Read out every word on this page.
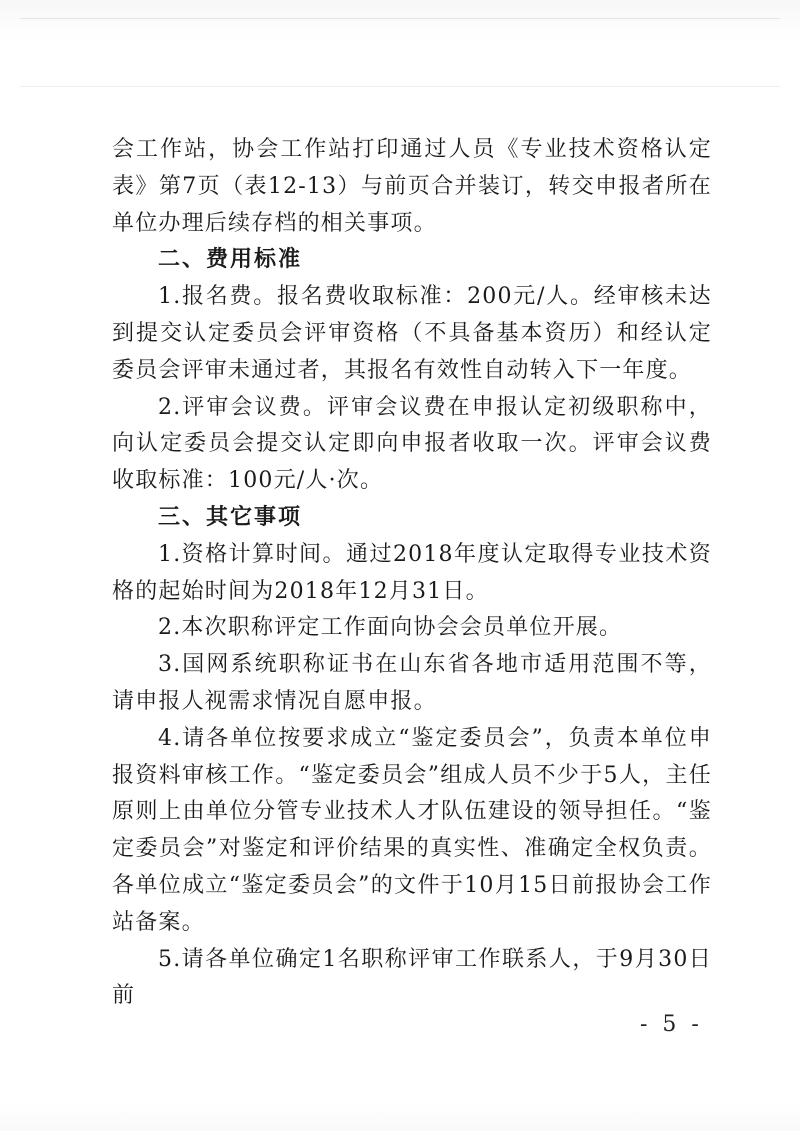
会工作站，协会工作站打印通过人员《专业技术资格认定表》第7页（表12-13）与前页合并装订，转交申报者所在单位办理后续存档的相关事项。

二、费用标准

1.报名费。报名费收取标准：200元/人。经审核未达到提交认定委员会评审资格（不具备基本资历）和经认定委员会评审未通过者，其报名有效性自动转入下一年度。

2.评审会议费。评审会议费在申报认定初级职称中，向认定委员会提交认定即向申报者收取一次。评审会议费收取标准：100元/人·次。

三、其它事项

1.资格计算时间。通过2018年度认定取得专业技术资格的起始时间为2018年12月31日。

2.本次职称评定工作面向协会会员单位开展。

3.国网系统职称证书在山东省各地市适用范围不等，请申报人视需求情况自愿申报。

4.请各单位按要求成立“鉴定委员会”，负责本单位申报资料审核工作。“鉴定委员会”组成人员不少于5人，主任原则上由单位分管专业技术人才队伍建设的领导担任。“鉴定委员会”对鉴定和评价结果的真实性、准确定全权负责。各单位成立“鉴定委员会”的文件于10月15日前报协会工作站备案。

5.请各单位确定1名职称评审工作联系人，于9月30日前

- 5 -
